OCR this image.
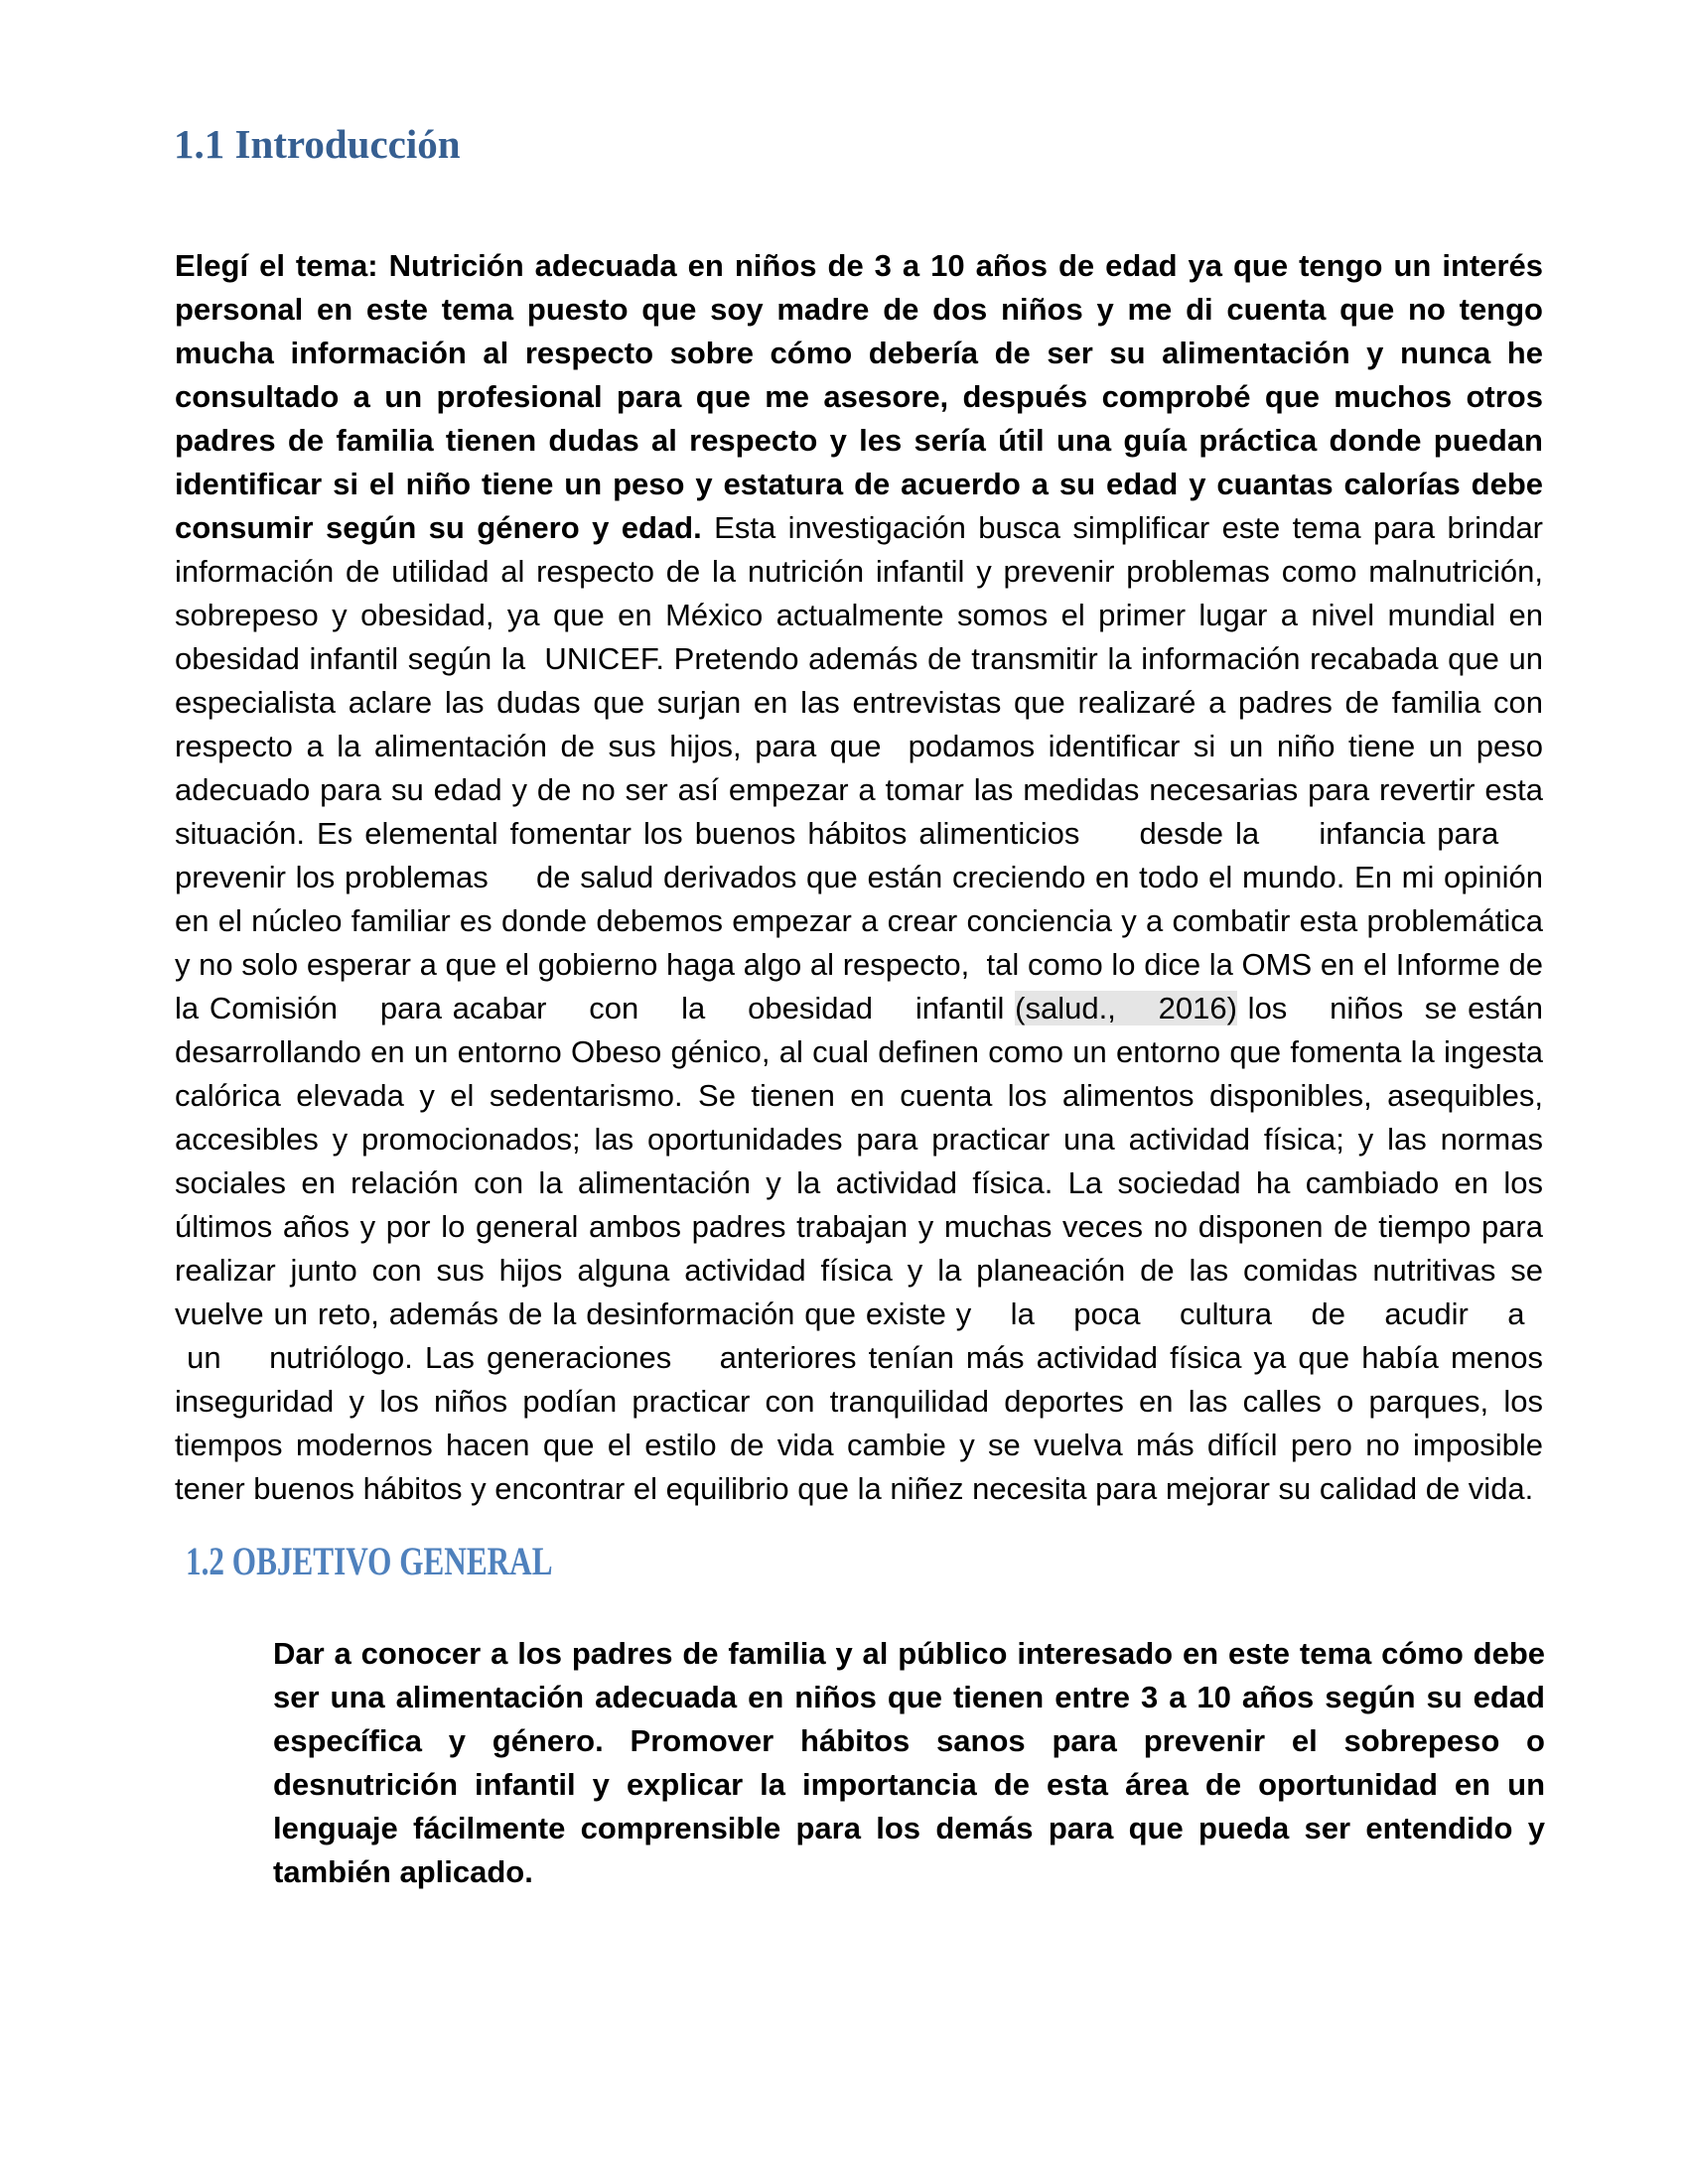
1.1 Introducción

Elegí el tema: Nutrición adecuada en niños de 3 a 10 años de edad ya que tengo un interés personal en este tema puesto que soy madre de dos niños y me di cuenta que no tengo mucha información al respecto sobre cómo debería de ser su alimentación y nunca he consultado a un profesional para que me asesore, después comprobé que muchos otros padres de familia tienen dudas al respecto y les sería útil una guía práctica donde puedan identificar si el niño tiene un peso y estatura de acuerdo a su edad y cuantas calorías debe consumir según su género y edad. Esta investigación busca simplificar este tema para brindar información de utilidad al respecto de la nutrición infantil y prevenir problemas como malnutrición, sobrepeso y obesidad, ya que en México actualmente somos el primer lugar a nivel mundial en obesidad infantil según la  UNICEF. Pretendo además de transmitir la información recabada que un especialista aclare las dudas que surjan en las entrevistas que realizaré a padres de familia con respecto a la alimentación de sus hijos, para que  podamos identificar si un niño tiene un peso adecuado para su edad y de no ser así empezar a tomar las medidas necesarias para revertir esta situación. Es elemental fomentar los buenos hábitos alimenticios     desde la     infancia para     prevenir los problemas     de salud derivados que están creciendo en todo el mundo. En mi opinión en el núcleo familiar es donde debemos empezar a crear conciencia y a combatir esta problemática y no solo esperar a que el gobierno haga algo al respecto,  tal como lo dice la OMS en el Informe de la Comisión    para acabar    con    la    obesidad    infantil (salud.,    2016) los    niños  se están desarrollando en un entorno Obeso génico, al cual definen como un entorno que fomenta la ingesta calórica elevada y el sedentarismo. Se tienen en cuenta los alimentos disponibles, asequibles, accesibles y promocionados; las oportunidades para practicar una actividad física; y las normas sociales en relación con la alimentación y la actividad física. La sociedad ha cambiado en los últimos años y por lo general ambos padres trabajan y muchas veces no disponen de tiempo para realizar junto con sus hijos alguna actividad física y la planeación de las comidas nutritivas se vuelve un reto, además de la desinformación que existe y    la    poca    cultura    de    acudir    a    un    nutriólogo. Las generaciones    anteriores tenían más actividad física ya que había menos inseguridad y los niños podían practicar con tranquilidad deportes en las calles o parques, los tiempos modernos hacen que el estilo de vida cambie y se vuelva más difícil pero no imposible tener buenos hábitos y encontrar el equilibrio que la niñez necesita para mejorar su calidad de vida.

1.2 OBJETIVO GENERAL

Dar a conocer a los padres de familia y al público interesado en este tema cómo debe ser una alimentación adecuada en niños que tienen entre 3 a 10 años según su edad específica y género. Promover hábitos sanos para prevenir el sobrepeso o desnutrición infantil y explicar la importancia de esta área de oportunidad en un lenguaje fácilmente comprensible para los demás para que pueda ser entendido y también aplicado.
